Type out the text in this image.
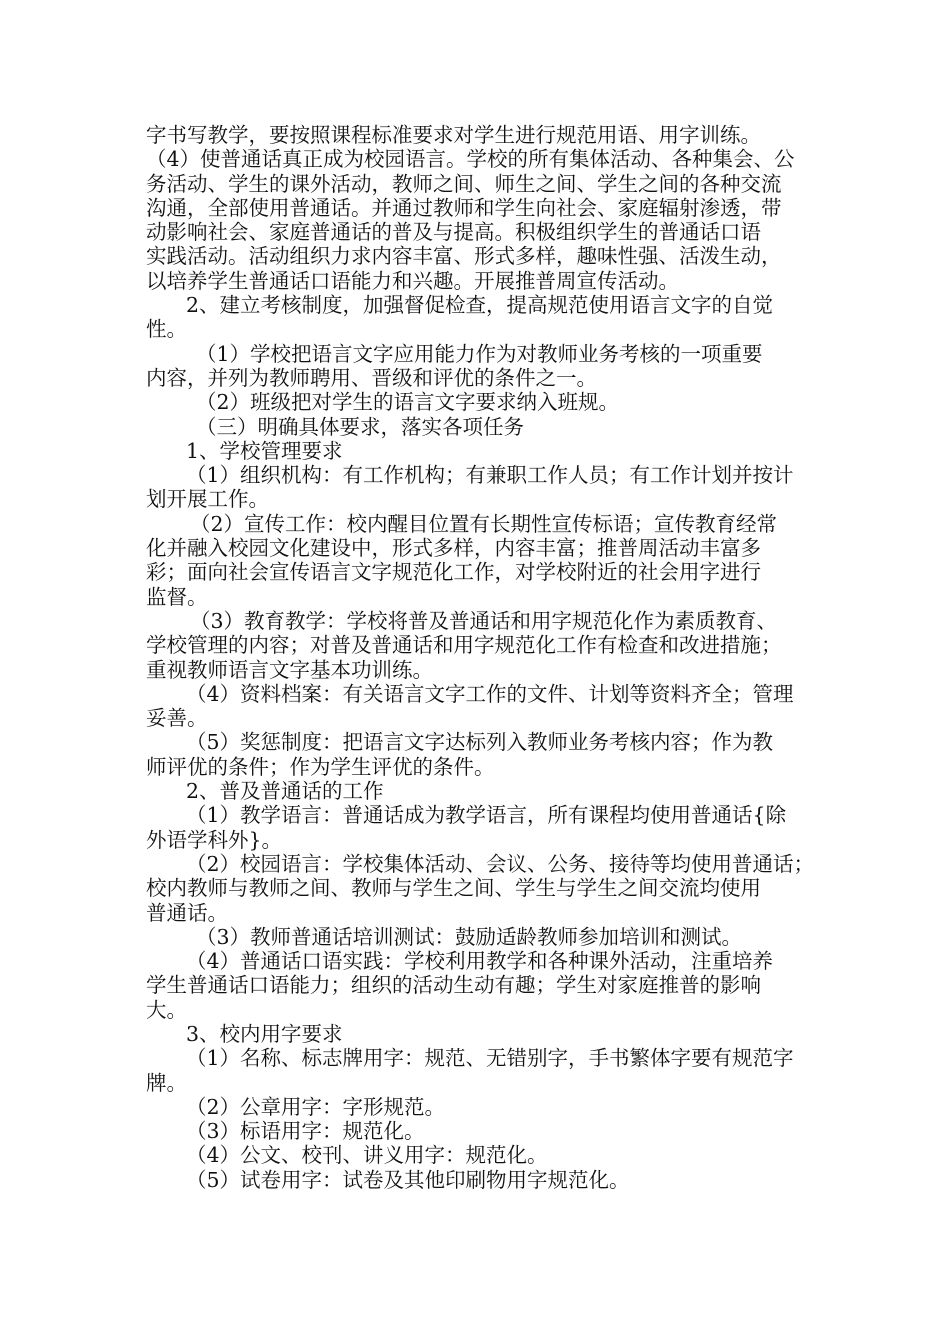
字书写教学，要按照课程标准要求对学生进行规范用语、用字训练。

（4）使普通话真正成为校园语言。学校的所有集体活动、各种集会、公

务活动、学生的课外活动，教师之间、师生之间、学生之间的各种交流

沟通，全部使用普通话。并通过教师和学生向社会、家庭辐射渗透，带

动影响社会、家庭普通话的普及与提高。积极组织学生的普通话口语

实践活动。活动组织力求内容丰富、形式多样，趣味性强、活泼生动，

以培养学生普通话口语能力和兴趣。开展推普周宣传活动。

2、建立考核制度，加强督促检查，提高规范使用语言文字的自觉

性。

（1）学校把语言文字应用能力作为对教师业务考核的一项重要

内容，并列为教师聘用、晋级和评优的条件之一。

（2）班级把对学生的语言文字要求纳入班规。

（三）明确具体要求，落实各项任务

1、学校管理要求

（1）组织机构：有工作机构；有兼职工作人员；有工作计划并按计

划开展工作。

（2）宣传工作：校内醒目位置有长期性宣传标语；宣传教育经常

化并融入校园文化建设中，形式多样，内容丰富；推普周活动丰富多

彩；面向社会宣传语言文字规范化工作，对学校附近的社会用字进行

监督。

（3）教育教学：学校将普及普通话和用字规范化作为素质教育、

学校管理的内容；对普及普通话和用字规范化工作有检查和改进措施；

重视教师语言文字基本功训练。

（4）资料档案：有关语言文字工作的文件、计划等资料齐全；管理

妥善。

（5）奖惩制度：把语言文字达标列入教师业务考核内容；作为教

师评优的条件；作为学生评优的条件。

2、普及普通话的工作

（1）教学语言：普通话成为教学语言，所有课程均使用普通话{除

外语学科外}。

（2）校园语言：学校集体活动、会议、公务、接待等均使用普通话；

校内教师与教师之间、教师与学生之间、学生与学生之间交流均使用

普通话。

（3）教师普通话培训测试：鼓励适龄教师参加培训和测试。

（4）普通话口语实践：学校利用教学和各种课外活动，注重培养

学生普通话口语能力；组织的活动生动有趣；学生对家庭推普的影响

大。

3、校内用字要求

（1）名称、标志牌用字：规范、无错别字，手书繁体字要有规范字

牌。

（2）公章用字：字形规范。

（3）标语用字：规范化。

（4）公文、校刊、讲义用字：规范化。

（5）试卷用字：试卷及其他印刷物用字规范化。
